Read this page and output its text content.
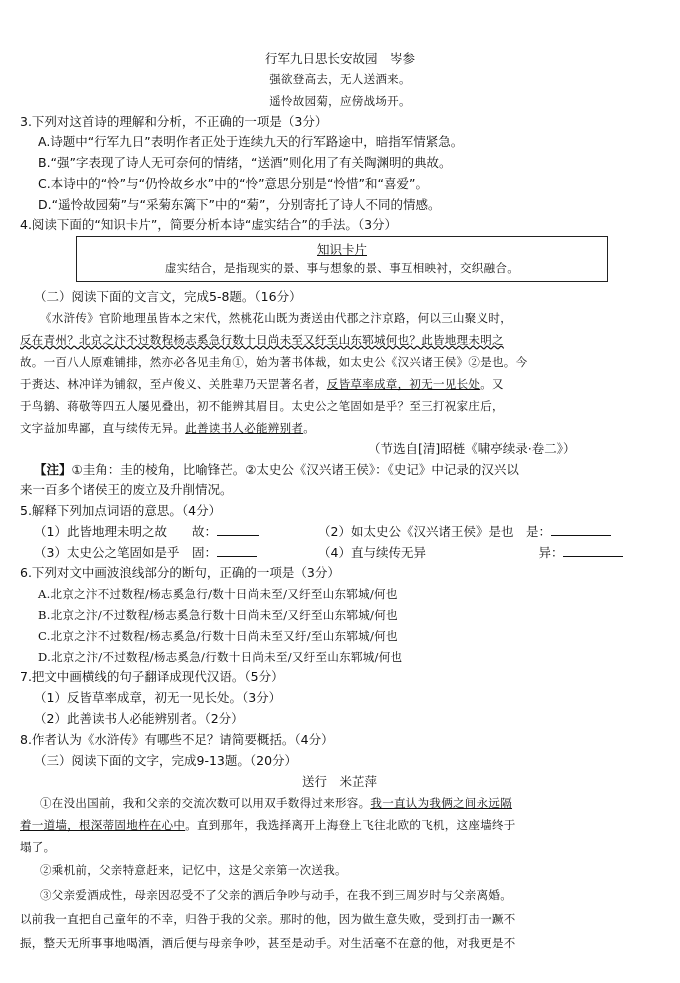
行军九日思长安故园　岑参
强欲登高去，无人送酒来。
遥怜故园菊，应傍战场开。
3.下列对这首诗的理解和分析，不正确的一项是（3分）
A.诗题中“行军九日”表明作者正处于连续九天的行军路途中，暗指军情紧急。
B.“强”字表现了诗人无可奈何的情绪，“送酒”则化用了有关陶渊明的典故。
C.本诗中的“怜”与“仍怜故乡水”中的“怜”意思分别是“怜惜”和“喜爱”。
D.“遥怜故园菊”与“采菊东篱下”中的“菊”，分别寄托了诗人不同的情感。
4.阅读下面的“知识卡片”，简要分析本诗“虚实结合”的手法。（3分）
知识卡片
虚实结合，是指现实的景、事与想象的景、事互相映衬，交织融合。
（二）阅读下面的文言文，完成5-8题。（16分）
《水浒传》官阶地理虽皆本之宋代，然桃花山既为赉送由代郡之汴京路，何以三山聚义时，
反在青州？北京之汴不过数程杨志奚急行数十日尚未至又纡至山东郓城何也？此皆地理未明之
故。一百八人原难铺排，然亦必各见圭角①，始为著书体裁，如太史公《汉兴诸王侯》②是也。今
于赉达、林冲详为铺叙，至卢俊义、关胜辈乃天罡著名者，反皆草率成章，初无一见长处。又
于鸟鹟、蒋敬等四五人屡见叠出，初不能辨其眉目。太史公之笔固如是乎？至三打祝家庄后，
文字益加卑鄙，直与续传无异。此善读书人必能辨别者。
（节选自[清]昭梿《啸亭续录·卷二》）
【注】①圭角：圭的棱角，比喻锋芒。②太史公《汉兴诸王侯》：《史记》中记录的汉兴以
来一百多个诸侯王的废立及升削情况。
5.解释下列加点词语的意思。（4分）
（1）此皆地理未明之故　　故：	（2）如太史公《汉兴诸王侯》是也　是：
（3）太史公之笔固如是乎　固：	（4）直与续传无异　　　　　　　　　异：
6.下列对文中画波浪线部分的断句，正确的一项是（3分）
A.北京之汴不过数程/杨志奚急行/数十日尚未至/又纡至山东郓城/何也
B.北京之汴/不过数程/杨志奚急行数十日尚未至/又纡至山东郓城/何也
C.北京之汴不过数程/杨志奚急/行数十日尚未至又纡/至山东郓城/何也
D.北京之汴/不过数程/杨志奚急/行数十日尚未至/又纡至山东郓城/何也
7.把文中画横线的句子翻译成现代汉语。（5分）
（1）反皆草率成章，初无一见长处。（3分）
（2）此善读书人必能辨别者。（2分）
8.作者认为《水浒传》有哪些不足？请简要概括。（4分）
（三）阅读下面的文字，完成9-13题。（20分）
送行　米芷萍
①在没出国前，我和父亲的交流次数可以用双手数得过来形容。我一直认为我俩之间永远隔
着一道墙，根深蒂固地杵在心中。直到那年，我选择离开上海登上飞往北欧的飞机，这座墙终于
塌了。
②乘机前，父亲特意赶来，记忆中，这是父亲第一次送我。
③父亲爱酒成性，母亲因忍受不了父亲的酒后争吵与动手，在我不到三周岁时与父亲离婚。
以前我一直把自己童年的不幸，归咎于我的父亲。那时的他，因为做生意失败，受到打击一蹶不
振，整天无所事事地喝酒，酒后便与母亲争吵，甚至是动手。对生活毫不在意的他，对我更是不
